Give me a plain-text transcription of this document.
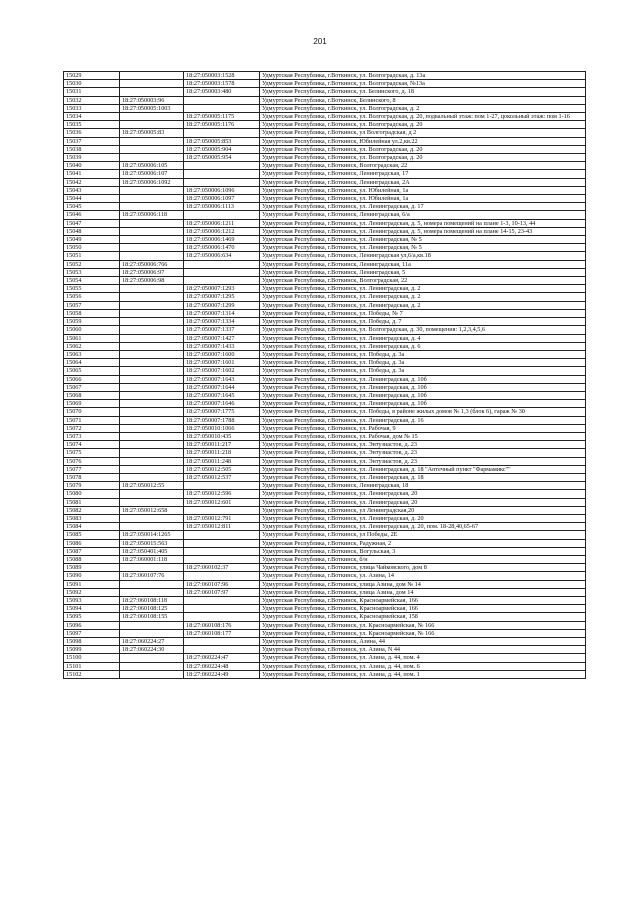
201
15029		18:27:050003:1528	Удмуртская Республика, г.Воткинск, ул. Волгоградская, д. 13а
15030		18:27:050003:1578	Удмуртская Республика, г.Воткинск, ул. Волгоградская, №13а
15031		18:27:050003:480	Удмуртская Республика, г.Воткинск, ул. Белинского, д. 18
15032	18:27:050003:96		Удмуртская Республика, г.Воткинск, Белинского, 8
15033	18:27:050005:1003		Удмуртская Республика, г.Воткинск, ул. Волгоградская, д. 2
15034		18:27:050005:1175	Удмуртская Республика, г.Воткинск, ул. Волгоградская, д. 20, подвальный этаж: пом 1-27, цокольный этаж: пом 1-16
15035		18:27:050005:1176	Удмуртская Республика, г.Воткинск, ул. Волгоградская, д. 20
15036	18:27:050005:83		Удмуртская Республика, г.Воткинск, ул Волгоградская, д 2
15037		18:27:050005:853	Удмуртская Республика, г.Воткинск, Юбилейная ул.2,кв.22
15038		18:27:050005:904	Удмуртская Республика, г.Воткинск, ул. Волгоградская, д. 20
15039		18:27:050005:954	Удмуртская Республика, г.Воткинск, ул. Волгоградская, д. 20
15040	18:27:050006:105		Удмуртская Республика, г.Воткинск, Волгоградская, 22
15041	18:27:050006:107		Удмуртская Республика, г.Воткинск, Ленинградская, 17
15042	18:27:050006:1092		Удмуртская Республика, г.Воткинск, Ленинградская, 2А
15043		18:27:050006:1096	Удмуртская Республика, г.Воткинск, ул. Юбилейная, 1а
15044		18:27:050006:1097	Удмуртская Республика, г.Воткинск, ул. Юбилейная, 1а
15045		18:27:050006:1113	Удмуртская Республика, г.Воткинск, ул. Ленинградская, д. 17
15046	18:27:050006:118		Удмуртская Республика, г.Воткинск, Ленинградская, 6/а
15047		18:27:050006:1211	Удмуртская Республика, г.Воткинск, ул. Ленинградская, д. 5, номера помещений на плане 1-3, 10-13, 44
15048		18:27:050006:1212	Удмуртская Республика, г.Воткинск, ул. Ленинградская, д. 5, номера помещений на плане 14-15, 23-43
15049		18:27:050006:1469	Удмуртская Республика, г.Воткинск, ул. Ленинградская, № 5
15050		18:27:050006:1470	Удмуртская Республика, г.Воткинск, ул. Ленинградская, № 5
15051		18:27:050006:634	Удмуртская Республика, г.Воткинск, Ленинградская ул,6/а,кв.18
15052	18:27:050006:766		Удмуртская Республика, г.Воткинск, Ленинградская, 11а
15053	18:27:050006:97		Удмуртская Республика, г.Воткинск, Ленинградская, 5
15054	18:27:050006:98		Удмуртская Республика, г.Воткинск, Волгоградская, 22
15055		18:27:050007:1293	Удмуртская Республика, г.Воткинск, ул. Ленинградская, д. 2
15056		18:27:050007:1295	Удмуртская Республика, г.Воткинск, ул. Ленинградская, д. 2
15057		18:27:050007:1299	Удмуртская Республика, г.Воткинск, ул. Ленинградская, д. 2
15058		18:27:050007:1314	Удмуртская Республика, г.Воткинск, ул. Победы, № 7
15059		18:27:050007:1334	Удмуртская Республика, г.Воткинск, ул. Победы, д. 7
15060		18:27:050007:1337	Удмуртская Республика, г.Воткинск, ул. Волгоградская, д. 30, помещения: 1,2,3,4,5,6
15061		18:27:050007:1427	Удмуртская Республика, г.Воткинск, ул. Ленинградская, д. 4
15062		18:27:050007:1433	Удмуртская Республика, г.Воткинск, ул. Ленинградская, д. 6
15063		18:27:050007:1600	Удмуртская Республика, г.Воткинск, ул. Победы, д. 3а
15064		18:27:050007:1601	Удмуртская Республика, г.Воткинск, ул. Победы, д. 3а
15065		18:27:050007:1602	Удмуртская Республика, г.Воткинск, ул. Победы, д. 3а
15066		18:27:050007:1643	Удмуртская Республика, г.Воткинск, ул. Ленинградская, д. 10б
15067		18:27:050007:1644	Удмуртская Республика, г.Воткинск, ул. Ленинградская, д. 10б
15068		18:27:050007:1645	Удмуртская Республика, г.Воткинск, ул. Ленинградская, д. 10б
15069		18:27:050007:1646	Удмуртская Республика, г.Воткинск, ул. Ленинградская, д. 10б
15070		18:27:050007:1775	Удмуртская Республика, г.Воткинск, ул. Победы, в районе жилых домов № 1,3 (блок 6), гараж № 30
15071		18:27:050007:1788	Удмуртская Республика, г.Воткинск, ул. Ленинградская, д. 16
15072		18:27:050010:1066	Удмуртская Республика, г.Воткинск, ул. Рабочая, 9
15073		18:27:050010:435	Удмуртская Республика, г.Воткинск, ул. Рабочая, дом № 15
15074		18:27:050011:217	Удмуртская Республика, г.Воткинск, ул. Энтузиастов, д. 23
15075		18:27:050011:218	Удмуртская Республика, г.Воткинск, ул. Энтузиастов, д. 23
15076		18:27:050011:248	Удмуртская Республика, г.Воткинск, ул. Энтузиастов, д. 23
15077		18:27:050012:505	Удмуртская Республика, г.Воткинск, ул. Ленинградская, д. 18 "Аптечный пункт "Фармамикс""
15078		18:27:050012:537	Удмуртская Республика, г.Воткинск, ул. Ленинградская, д. 18
15079	18:27:050012:55		Удмуртская Республика, г.Воткинск, Ленинградская, 18
15080		18:27:050012:596	Удмуртская Республика, г.Воткинск, ул. Ленинградская, 20
15081		18:27:050012:601	Удмуртская Республика, г.Воткинск, ул. Ленинградская, 20
15082	18:27:050012:658		Удмуртская Республика, г.Воткинск, ул Ленинградская,20
15083		18:27:050012:791	Удмуртская Республика, г.Воткинск, ул. Ленинградская, д. 20
15084		18:27:050012:811	Удмуртская Республика, г.Воткинск, ул. Ленинградская, д. 20, пом. 18-28,40,65-67
15085	18:27:050014:1265		Удмуртская Республика, г.Воткинск, ул Победы, 2Е
15086	18:27:050015:563		Удмуртская Республика, г.Воткинск, Радужная, 2
15087	18:27:050401:405		Удмуртская Республика, г.Воткинск, Вогульская, 3
15088	18:27:060001:118		Удмуртская Республика, г.Воткинск, б/н
15089		18:27:060102:37	Удмуртская Республика, г.Воткинск, улица Чайковского, дом 8
15090	18:27:060107:76		Удмуртская Республика, г.Воткинск, ул. Азина, 14
15091		18:27:060107:96	Удмуртская Республика, г.Воткинск, улица Азина, дом № 14
15092		18:27:060107:97	Удмуртская Республика, г.Воткинск, улица Азина, дом 14
15093	18:27:060108:118		Удмуртская Республика, г.Воткинск, Красноармейская, 166
15094	18:27:060108:125		Удмуртская Республика, г.Воткинск, Красноармейская, 166
15095	18:27:060108:155		Удмуртская Республика, г.Воткинск, Красноармейская, 158
15096		18:27:060108:176	Удмуртская Республика, г.Воткинск, ул. Красноармейская, № 166
15097		18:27:060108:177	Удмуртская Республика, г.Воткинск, ул. Красноармейская, № 166
15098	18:27:060224:27		Удмуртская Республика, г.Воткинск, Азина, 44
15099	18:27:060224:30		Удмуртская Республика, г.Воткинск, ул. Азина, N 44
15100		18:27:060224:47	Удмуртская Республика, г.Воткинск, ул. Азина, д. 44, пом. 4
15101		18:27:060224:48	Удмуртская Республика, г.Воткинск, ул. Азина, д. 44, пом. 6
15102		18:27:060224:49	Удмуртская Республика, г.Воткинск, ул. Азина, д. 44, пом. 1
